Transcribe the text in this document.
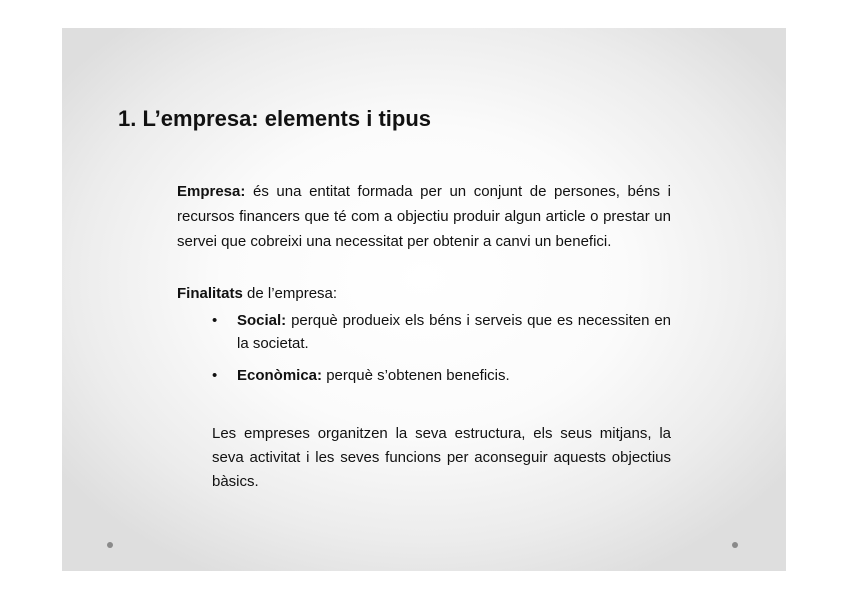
1. L’empresa: elements i tipus

Empresa: és una entitat formada per un conjunt de persones, béns i recursos financers que té com a objectiu produir algun article o prestar un servei que cobreixi una necessitat per obtenir a canvi un benefici.

Finalitats de l’empresa:

• Social: perquè produeix els béns i serveis que es necessiten en la societat.
• Econòmica: perquè s’obtenen beneficis.

Les empreses organitzen la seva estructura, els seus mitjans, la seva activitat i les seves funcions per aconseguir aquests objectius bàsics.
